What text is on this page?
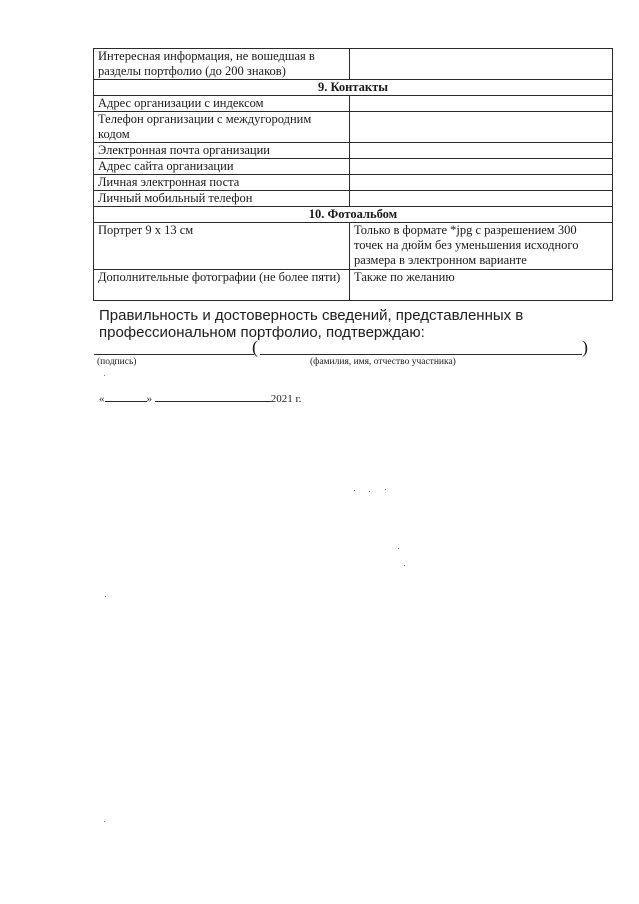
Интересная информация, не вошедшая в разделы портфолио (до 200 знаков)	
9. Контакты	
Адрес организации с индексом	
Телефон организации с междугородним кодом	
Электронная почта организации	
Адрес сайта организации	
Личная электронная поста	
Личный мобильный телефон	
10. Фотоальбом	
Портрет 9 х 13 см	Только в формате *jpg с разрешением 300 точек на дюйм без уменьшения исходного размера в электронном варианте
Дополнительные фотографии (не более пяти)	Также по желанию
Правильность и достоверность сведений, представленных в профессиональном портфолио, подтверждаю:
(	)
(подпись)	(фамилия, имя, отчество участника)
«	»	2021 г.
